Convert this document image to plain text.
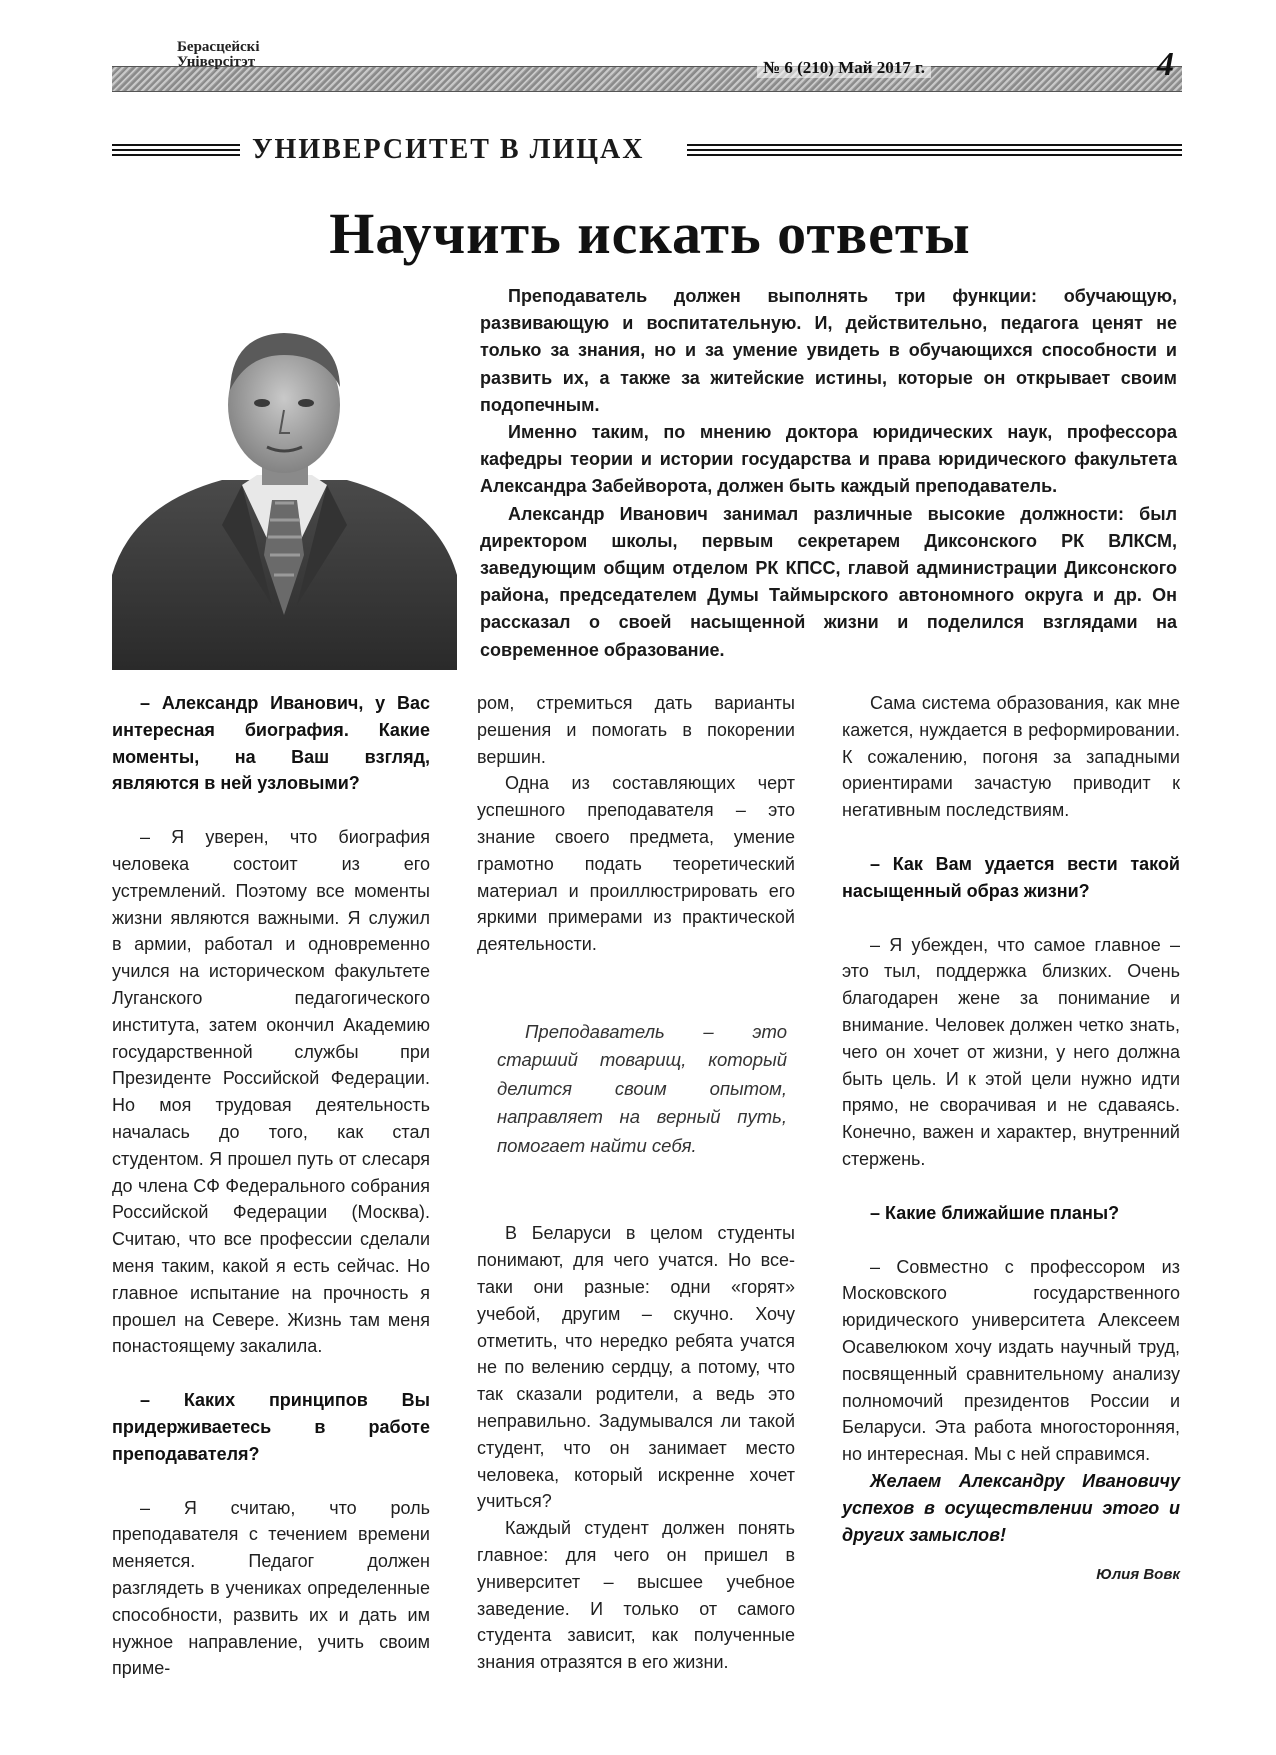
Берасцейскі
Універсітэт	№ 6 (210) Май 2017 г.	4
УНИВЕРСИТЕТ В ЛИЦАХ
Научить искать ответы

Преподаватель должен выполнять три функции: обучающую, развивающую и воспитательную. И, действительно, педагога ценят не только за знания, но и за умение увидеть в обучающихся способности и развить их, а также за житейские истины, которые он открывает своим подопечным.

Именно таким, по мнению доктора юридических наук, профессора кафедры теории и истории государства и права юридического факультета Александра Забейворота, должен быть каждый преподаватель.

Александр Иванович занимал различные высокие должности: был директором школы, первым секретарем Диксонского РК ВЛКСМ, заведующим общим отделом РК КПСС, главой администрации Диксонского района, председателем Думы Таймырского автономного округа и др. Он рассказал о своей насыщенной жизни и поделился взглядами на современное образование.

– Александр Иванович, у Вас интересная биография. Какие моменты, на Ваш взгляд, являются в ней узловыми?

– Я уверен, что биография человека состоит из его устремлений. Поэтому все моменты жизни являются важными. Я служил в армии, работал и одновременно учился на историческом факультете Луганского педагогического института, затем окончил Академию государственной службы при Президенте Российской Федерации. Но моя трудовая деятельность началась до того, как стал студентом. Я прошел путь от слесаря до члена СФ Федерального собрания Российской Федерации (Москва). Считаю, что все профессии сделали меня таким, какой я есть сейчас. Но главное испытание на прочность я прошел на Севере. Жизнь там меня понастоящему закалила.

– Каких принципов Вы придерживаетесь в работе преподавателя?

– Я считаю, что роль преподавателя с течением времени меняется. Педагог должен разглядеть в учениках определенные способности, развить их и дать им нужное направление, учить своим приме-

ром, стремиться дать варианты решения и помогать в покорении вершин.

Одна из составляющих черт успешного преподавателя – это знание своего предмета, умение грамотно подать теоретический материал и проиллюстрировать его яркими примерами из практической деятельности.

Преподаватель – это старший товарищ, который делится своим опытом, направляет на верный путь, помогает найти себя.

В Беларуси в целом студенты понимают, для чего учатся. Но все-таки они разные: одни «горят» учебой, другим – скучно. Хочу отметить, что нередко ребята учатся не по велению сердцу, а потому, что так сказали родители, а ведь это неправильно. Задумывался ли такой студент, что он занимает место человека, который искренне хочет учиться?

Каждый студент должен понять главное: для чего он пришел в университет – высшее учебное заведение. И только от самого студента зависит, как полученные знания отразятся в его жизни.

Сама система образования, как мне кажется, нуждается в реформировании. К сожалению, погоня за западными ориентирами зачастую приводит к негативным последствиям.

– Как Вам удается вести такой насыщенный образ жизни?

– Я убежден, что самое главное – это тыл, поддержка близких. Очень благодарен жене за понимание и внимание. Человек должен четко знать, чего он хочет от жизни, у него должна быть цель. И к этой цели нужно идти прямо, не сворачивая и не сдаваясь. Конечно, важен и характер, внутренний стержень.

– Какие ближайшие планы?

– Совместно с профессором из Московского государственного юридического университета Алексеем Осавелюком хочу издать научный труд, посвященный сравнительному анализу полномочий президентов России и Беларуси. Эта работа многосторонняя, но интересная. Мы с ней справимся.

Желаем Александру Ивановичу успехов в осуществлении этого и других замыслов!

Юлия Вовк
